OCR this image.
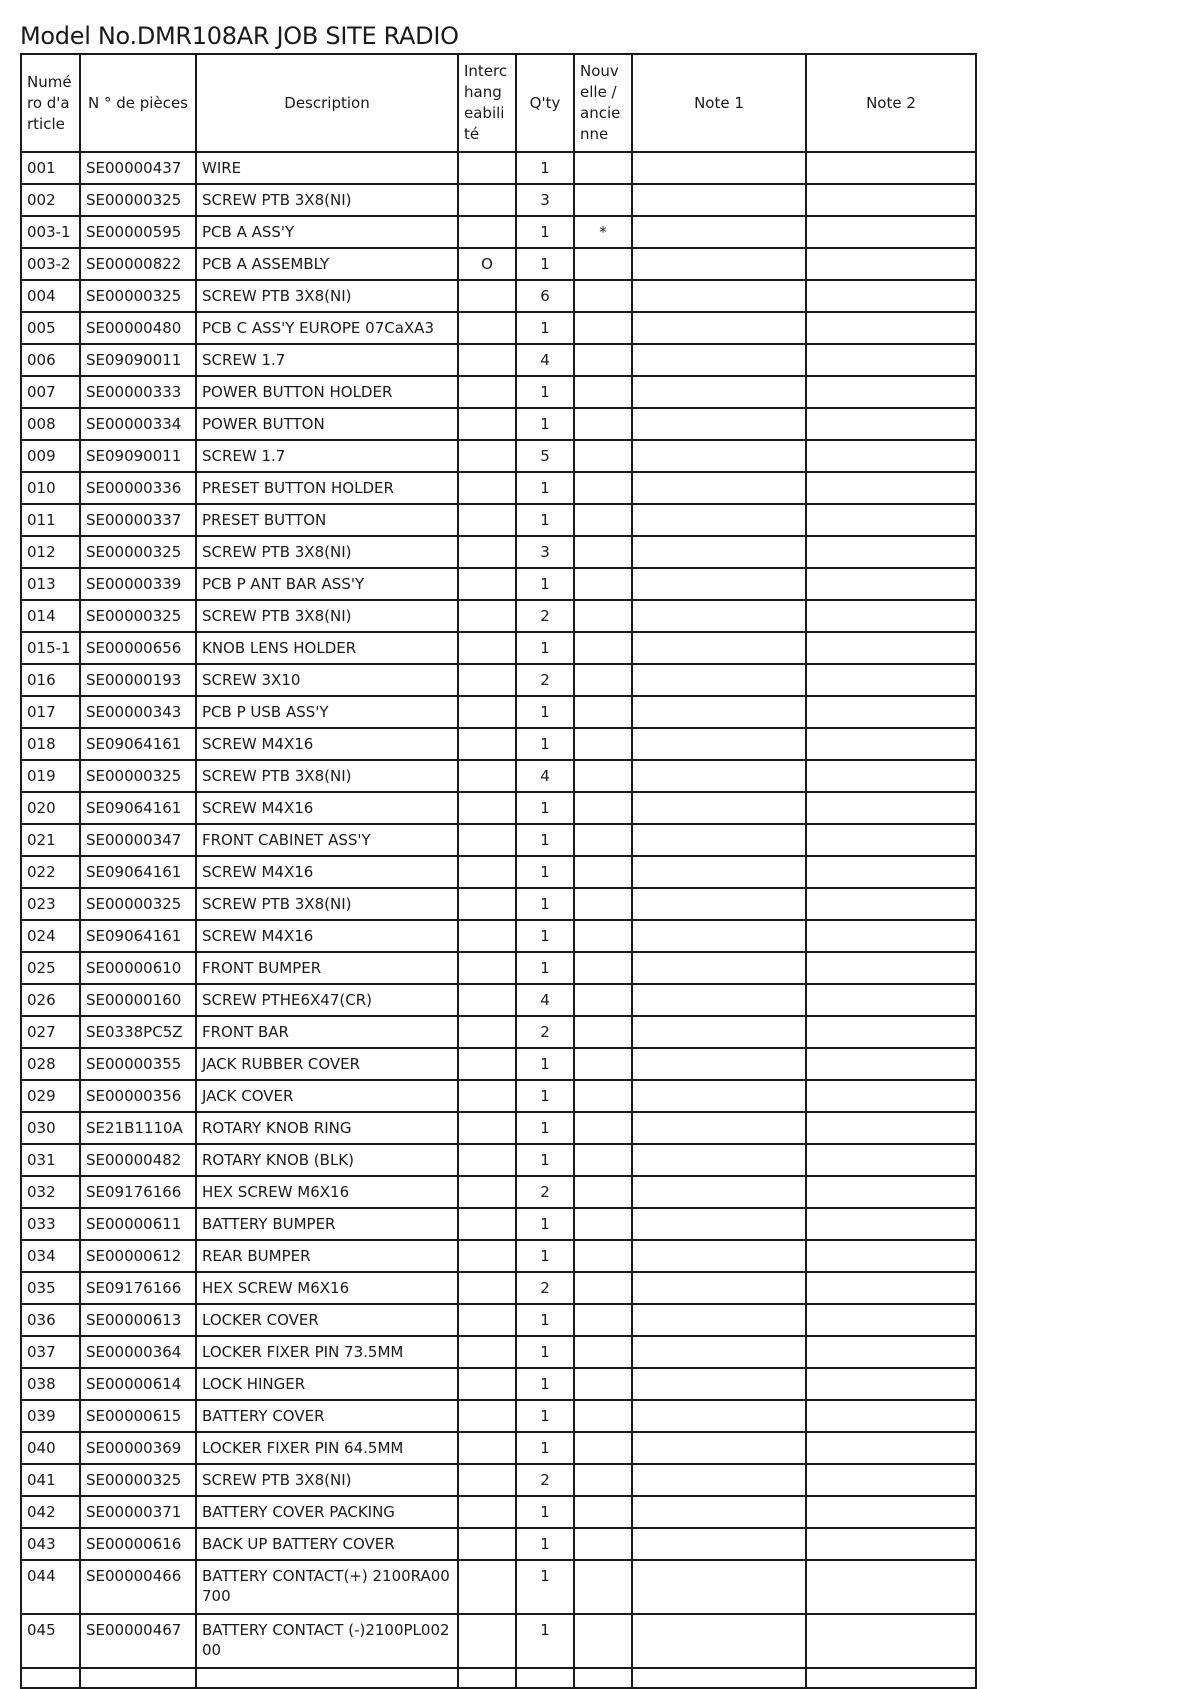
Model No.DMR108AR JOB SITE RADIO
Numéro d'article	N ° de pièces	Description	Interchangeabilité	Q'ty	Nouvelle / ancienne	Note 1	Note 2
001	SE00000437	WIRE		1			
002	SE00000325	SCREW PTB 3X8(NI)		3			
003-1	SE00000595	PCB A ASS'Y		1	*		
003-2	SE00000822	PCB A ASSEMBLY	O	1			
004	SE00000325	SCREW PTB 3X8(NI)		6			
005	SE00000480	PCB C ASS'Y EUROPE 07CaXA3		1			
006	SE09090011	SCREW 1.7		4			
007	SE00000333	POWER BUTTON HOLDER		1			
008	SE00000334	POWER BUTTON		1			
009	SE09090011	SCREW 1.7		5			
010	SE00000336	PRESET BUTTON HOLDER		1			
011	SE00000337	PRESET BUTTON		1			
012	SE00000325	SCREW PTB 3X8(NI)		3			
013	SE00000339	PCB P ANT BAR ASS'Y		1			
014	SE00000325	SCREW PTB 3X8(NI)		2			
015-1	SE00000656	KNOB LENS HOLDER		1			
016	SE00000193	SCREW 3X10		2			
017	SE00000343	PCB P USB ASS'Y		1			
018	SE09064161	SCREW M4X16		1			
019	SE00000325	SCREW PTB 3X8(NI)		4			
020	SE09064161	SCREW M4X16		1			
021	SE00000347	FRONT CABINET ASS'Y		1			
022	SE09064161	SCREW M4X16		1			
023	SE00000325	SCREW PTB 3X8(NI)		1			
024	SE09064161	SCREW M4X16		1			
025	SE00000610	FRONT BUMPER		1			
026	SE00000160	SCREW PTHE6X47(CR)		4			
027	SE0338PC5Z	FRONT BAR		2			
028	SE00000355	JACK RUBBER COVER		1			
029	SE00000356	JACK COVER		1			
030	SE21B1110A	ROTARY KNOB RING		1			
031	SE00000482	ROTARY KNOB (BLK)		1			
032	SE09176166	HEX SCREW M6X16		2			
033	SE00000611	BATTERY BUMPER		1			
034	SE00000612	REAR BUMPER		1			
035	SE09176166	HEX SCREW M6X16		2			
036	SE00000613	LOCKER COVER		1			
037	SE00000364	LOCKER FIXER PIN 73.5MM		1			
038	SE00000614	LOCK HINGER		1			
039	SE00000615	BATTERY COVER		1			
040	SE00000369	LOCKER FIXER PIN 64.5MM		1			
041	SE00000325	SCREW PTB 3X8(NI)		2			
042	SE00000371	BATTERY COVER PACKING		1			
043	SE00000616	BACK UP BATTERY COVER		1			
044	SE00000466	BATTERY CONTACT(+) 2100RA00700		1			
045	SE00000467	BATTERY CONTACT (-)2100PL00200		1			
